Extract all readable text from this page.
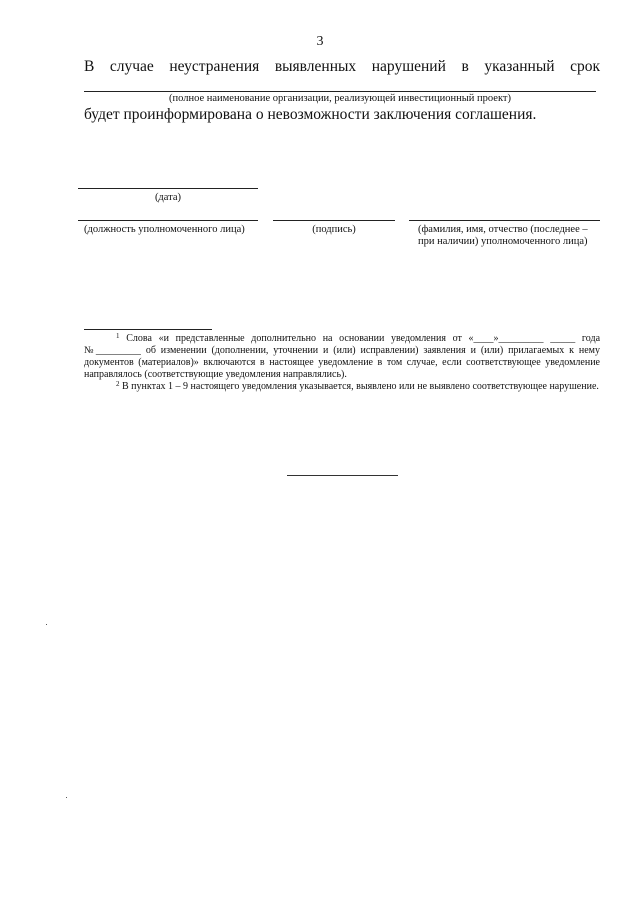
3
В случае неустранения выявленных нарушений в указанный срок
(полное наименование организации, реализующей инвестиционный проект)
будет проинформирована о невозможности заключения соглашения.
(дата)
(должность уполномоченного лица)	(подпись)	(фамилия, имя, отчество (последнее –
при наличии) уполномоченного лица)
$^1$ Слова «и представленные дополнительно на основании уведомления от «____»_________ _____ года №_________ об изменении (дополнении, уточнении и (или) исправлении) заявления и (или) прилагаемых к нему документов (материалов)» включаются в настоящее уведомление в том случае, если соответствующее уведомление направлялось (соответствующие уведомления направлялись).
$^2$ В пунктах 1 – 9 настоящего уведомления указывается, выявлено или не выявлено соответствующее нарушение.
